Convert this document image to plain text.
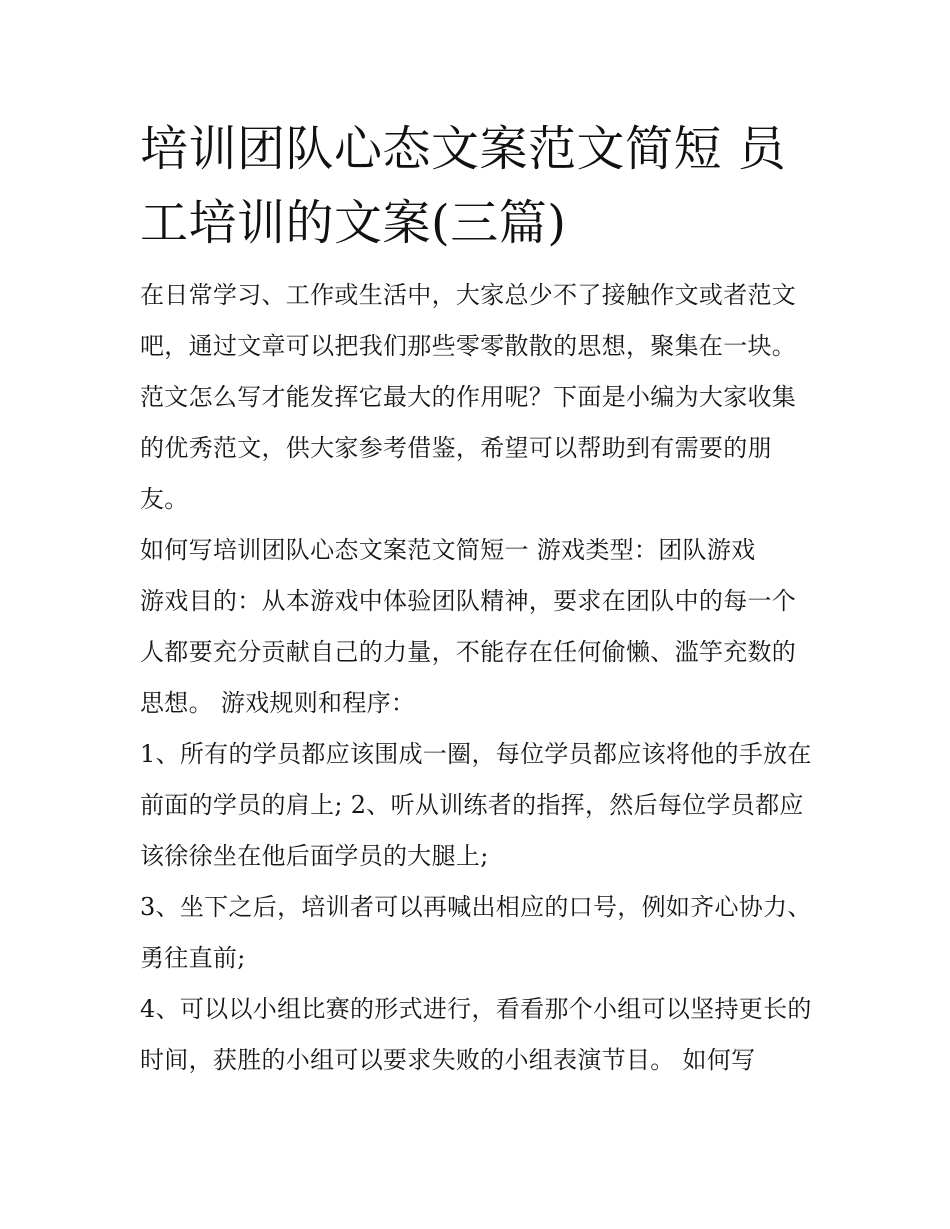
培训团队心态文案范文简短 员工培训的文案(三篇)

在日常学习、工作或生活中，大家总少不了接触作文或者范文吧，通过文章可以把我们那些零零散散的思想，聚集在一块。范文怎么写才能发挥它最大的作用呢？下面是小编为大家收集的优秀范文，供大家参考借鉴，希望可以帮助到有需要的朋友。

如何写培训团队心态文案范文简短一 游戏类型：团队游戏

游戏目的：从本游戏中体验团队精神，要求在团队中的每一个人都要充分贡献自己的力量，不能存在任何偷懒、滥竽充数的思想。 游戏规则和程序：

1、所有的学员都应该围成一圈，每位学员都应该将他的手放在前面的学员的肩上; 2、听从训练者的指挥，然后每位学员都应该徐徐坐在他后面学员的大腿上;

3、坐下之后，培训者可以再喊出相应的口号，例如齐心协力、勇往直前;

4、可以以小组比赛的形式进行，看看那个小组可以坚持更长的时间，获胜的小组可以要求失败的小组表演节目。 如何写
